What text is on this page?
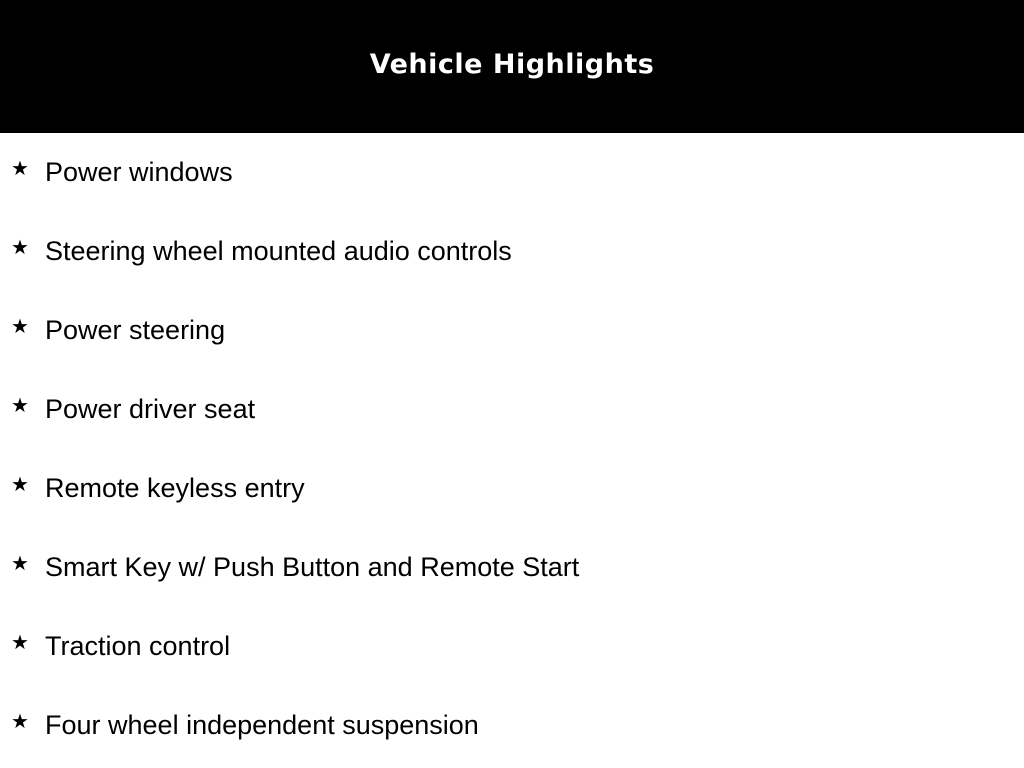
Vehicle Highlights
★ Power windows
★ Steering wheel mounted audio controls
★ Power steering
★ Power driver seat
★ Remote keyless entry
★ Smart Key w/ Push Button and Remote Start
★ Traction control
★ Four wheel independent suspension
